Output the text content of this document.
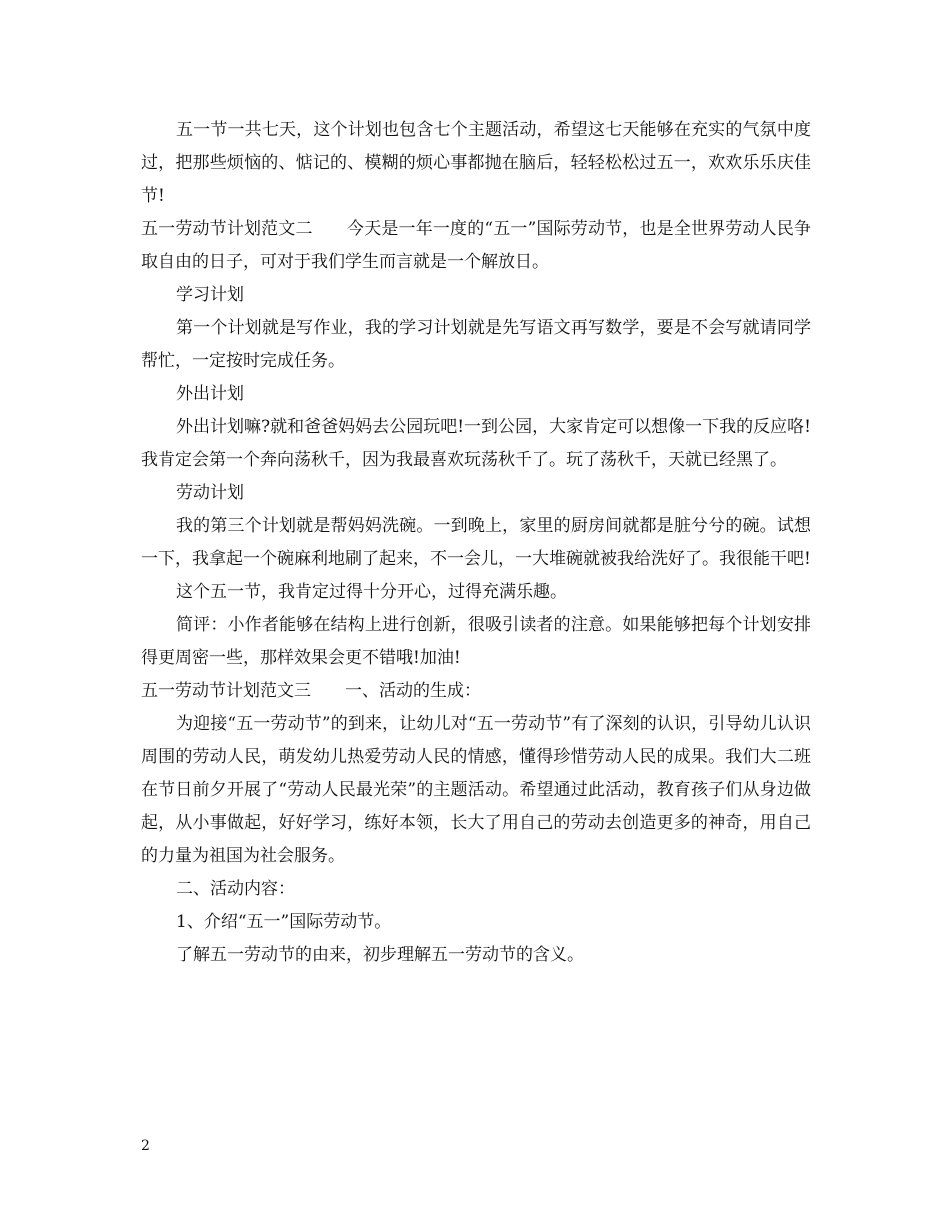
五一节一共七天，这个计划也包含七个主题活动，希望这七天能够在充实的气氛中度过，把那些烦恼的、惦记的、模糊的烦心事都抛在脑后，轻轻松松过五一，欢欢乐乐庆佳节!

五一劳动节计划范文二　　今天是一年一度的“五一”国际劳动节，也是全世界劳动人民争取自由的日子，可对于我们学生而言就是一个解放日。

学习计划

第一个计划就是写作业，我的学习计划就是先写语文再写数学，要是不会写就请同学帮忙，一定按时完成任务。

外出计划

外出计划嘛?就和爸爸妈妈去公园玩吧!一到公园，大家肯定可以想像一下我的反应咯!我肯定会第一个奔向荡秋千，因为我最喜欢玩荡秋千了。玩了荡秋千，天就已经黑了。

劳动计划

我的第三个计划就是帮妈妈洗碗。一到晚上，家里的厨房间就都是脏兮兮的碗。试想一下，我拿起一个碗麻利地刷了起来，不一会儿，一大堆碗就被我给洗好了。我很能干吧!

这个五一节，我肯定过得十分开心，过得充满乐趣。

简评：小作者能够在结构上进行创新，很吸引读者的注意。如果能够把每个计划安排得更周密一些，那样效果会更不错哦!加油!

五一劳动节计划范文三　　一、活动的生成：

为迎接“五一劳动节”的到来，让幼儿对“五一劳动节”有了深刻的认识，引导幼儿认识周围的劳动人民，萌发幼儿热爱劳动人民的情感，懂得珍惜劳动人民的成果。我们大二班在节日前夕开展了“劳动人民最光荣”的主题活动。希望通过此活动，教育孩子们从身边做起，从小事做起，好好学习，练好本领，长大了用自己的劳动去创造更多的神奇，用自己的力量为祖国为社会服务。

二、活动内容：

1、介绍“五一”国际劳动节。

了解五一劳动节的由来，初步理解五一劳动节的含义。

2
